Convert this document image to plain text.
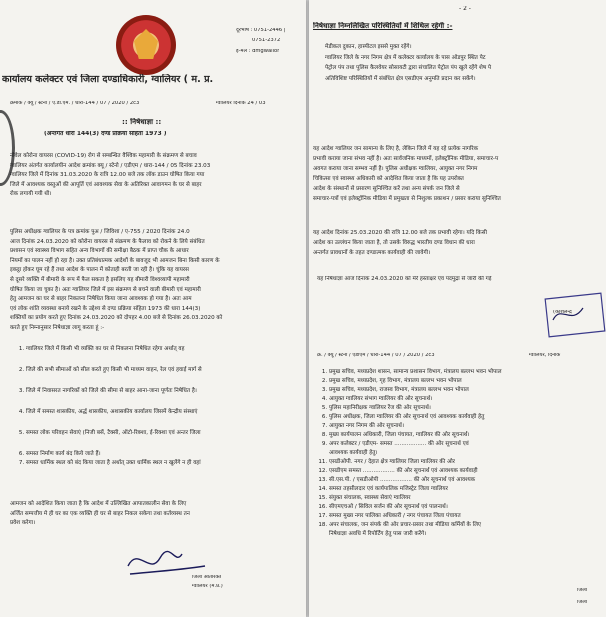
दूरभाष : 0751-2446 |
0751-2372
ई-मेल : dmgwalior
कार्यालय कलेक्टर एवं जिला दण्डाधिकारी, ग्वालियर ( म. प्र.
क्रमांक / क्यू / स्टेनो / ए.डी.एम. / धारा-144 / 07 / 2020 / 2c3	ग्वालियर दिनांक 24 / 03
:: निषेधाज्ञा ::
(अन्तर्गत धारा 144(3) दण्ड प्रक्रिया संहिता 1973 )

नोवेल कोरोना वायरस (COVID-19) रोग से सम्बन्धित वैश्विक महामारी के संक्रमण से बचाव

ग्वालियर अंतर्गत कार्यालयीन आदेश क्रमांक क्यू / स्टेनो / एडीएम / धारा-144 / 05 दिनांक 23.03

ग्वालियर जिले में दिनांक 31.03.2020 के रात्रि 12.00 बजे तक लॉक डाउन घोषित किया गया

जिले में आवश्यक वस्तुओं की आपूर्ति एवं आवश्यक सेवा के अतिरिक्त आवागमन के घर से बाहर

रोक लगायी गयी थी।

पुलिस अधीक्षक ग्वालियर के पत्र क्रमांक पुअ / जिविशा / ए-755 / 2020 दिनांक 24.0

आज दिनांक 24.03.2020 को कोरोना वायरस से संक्रमण के फैलाव को रोकने के लिये संबंधित

प्रशासन एवं स्वास्थ्य विभाग सहित अन्य विभागों की समीक्षा बैठक में प्राप्त चौक के आधार

नियमों का पालन नहीं हो रहा है। उक्त प्रतिबंधात्मक आदेशों के बावजूद भी आमजन बिना किसी कारण के

इकट्ठा होकर घूम रहे हैं तथा आदेश के पालन में कोताही बरती जा रही है। चूंकि यह वायरस

से दूसरे व्यक्ति में बीमारी के रूप में फैल सकता है इसलिए यह बीमारी विश्वव्यापी महामारी

घोषित किया जा चुका है। अतः ग्वालियर जिले में इस संक्रमण से बचने वाली बीमारी एवं महामारी

हेतु आमजन का घर से बाहर निकलना निषेधित किया जाना आवश्यक हो गया है। अतः आम

एवं लोक शांति व्यवस्था बनाये रखने के उद्देश्य से दण्ड प्रक्रिया संहिता 1973 की धारा 144(3)

शक्तियों का प्रयोग करते हुए दिनांक 24.03.2020 को दोपहर 4.00 बजे से दिनांक 26.03.2020 को

करते हुए निम्नानुसार निषेधाज्ञा लागू करता हूं :-

1. ग्वालियर जिले में किसी भी व्यक्ति का घर से निकलना निषेधित रहेगा अर्थात् वह
2. जिले की सभी सीमाओं को सील करते हुए किसी भी माध्यम वाहन, रेल एवं हवाई मार्ग से
3. जिले में निवासरत नागरिकों को जिले की सीमा से बाहर आना-जाना पूर्णतः निषेधित है।
4. जिले में समस्त शासकीय, अर्द्ध शासकीय, अशासकीय कार्यालय जिसमें केन्द्रीय संस्थाएं
5. समस्त लोक परिवहन सेवाएं (निजी बसें, टैक्सी, ऑटो-रिक्शा, ई-रिक्शा एवं अन्तर जिला
6. समस्त निर्माण कार्य बंद किये जाते हैं।
7. समस्त धार्मिक स्थल को बंद किया जाता है अर्थात् उक्त धार्मिक स्थल न खुलेंगे न ही वहां

आमजन को आदेशित किया जाता है कि आदेश में उल्लिखित आपातकालीन सेवा के लिए

अर्जित सम्पत्तीय मे ही घर का एक व्यक्ति ही घर से बाहर निकल सकेगा तथा कर्तव्यस्थ तन

प्रवेश करेगा।

जिला अतिरिक्त
ग्वालियर (म.प्र.)
- 2 -
निषेधाज्ञा निम्नलिखित परिस्थितियों में शिथिल रहेगी :-

मेडीकल दुकान, हास्पीटल इससे मुक्त रहेंगे।

ग्वालियर जिले के नगर निगम क्षेत्र में कलेक्टर कार्यालय के पास ओडपुर स्थित पेट

पेट्रोल पंप तथा पुलिस कैलवेयर सोसायटी द्वारा संचालित पेट्रोल पंप खुले रहेंगे शेष पे

अतिविशिष्ट परिस्थितियों में संबंधित क्षेत्र एसडीएम अनुमति प्रदान कर सकेंगे।

यह आदेश ग्वालियर जन सामान्य के लिए है, लेकिन जिले में यह रहे प्रत्येक नागरिक

प्रभावी कराया जाना संभव नहीं है। अतः सार्वजनिक माध्यमों, इलेक्ट्रॉनिक मीडिया, समाचार-प

अवगत कराया जाना सम्भव नहीं है। पुलिस अधीक्षक ग्वालियर, आयुक्त नगर निगम

चिकित्सा एवं स्वास्थ्य अधिकारी को आदेशित किया जाता है कि यह उपरोक्त

आदेश के संस्थानों से प्रसारण सुनिश्चित करें तथा अन्य संपर्क जन जिले से

समाचार-पत्रों एवं इलेक्ट्रॉनिक मीडिया में प्रमुखता से निशुल्क प्रकाशन / प्रसार कराया सुनिश्चित

यह आदेश दिनांक 25.03.2020 की रात्रि 12.00 बजे तक प्रभावी रहेगा। यदि किसी

आदेश का उल्लंघन किया जाता है, तो उसके विरुद्ध भारतीय दण्ड विधान की धारा

अन्तर्गत प्रावधानों के तहत दण्डात्मक कार्यवाही की जावेगी।

यह निषेधाज्ञा आज दिनांक 24.03.2020 को मेरे हस्ताक्षर एवं पदमुद्रा से जारी की गई
(कौशलन्द्र
क्र. / क्यू / स्टेनो / एडीएम / धारा-144 / 07 / 2020 / 2c3	ग्वालियर, दिनांक
1. प्रमुख सचिव, मध्यप्रदेश शासन, सामान्य प्रशासन विभाग, मंत्रालय बल्लभ भवन भोपाल
2. प्रमुख सचिव, मध्यप्रदेश, गृह विभाग, मंत्रालय बल्लभ भवन भोपाल
3. प्रमुख सचिव, मध्यप्रदेश, राजस्व विभाग, मंत्रालय बल्लभ भवन भोपाल
4. आयुक्त ग्वालियर संभाग ग्वालियर की ओर सूचनार्थ।
5. पुलिस महानिरीक्षक ग्वालियर रेंज की ओर सूचनार्थ।
6. पुलिस अधीक्षक, जिला ग्वालियर की ओर सूचनार्थ एवं आवश्यक कार्यवाही हेतु
7. आयुक्त नगर निगम की ओर सूचनार्थ।
8. मुख्य कार्यपालन अधिकारी, जिला पंचायत, ग्वालियर की ओर सूचनार्थ।
9. अपर कलेक्टर / एडीएम- समस्त .................. की ओर सूचनार्थ एवं
आवश्यक कार्यवाही हेतु।
11. एसडीओपी. नगर / देहात क्षेत्र ग्वालियर जिला ग्वालियर की ओर
12. एसडीएम समस्त .................. की ओर सूचनार्थ एवं आवश्यक कार्यवाही
13. सी.एस.पी. / एसडीओपी .................. की ओर सूचनार्थ एवं आवश्यक
14. समस्त तहसीलदार एवं कार्यपालिक मजिस्ट्रेट जिला ग्वालियर
15. संयुक्त संचालक, स्वास्थ्य सेवाएं ग्वालियर
16. सीएमएचओ / सिविल सर्जन की ओर सूचनार्थ एवं पालनार्थ।
17. समस्त मुख्य नगर पालिका अधिकारी / नगर पंचायत जिला पंचायत
18. अपर संचालक, जन संपर्क की ओर प्रचार-प्रसार तथा मीडिया कर्मियों के लिए
निषेधाज्ञा अवधि में रिपोर्टिंग हेतु पास जारी करेंगे।
जिला
जिला
